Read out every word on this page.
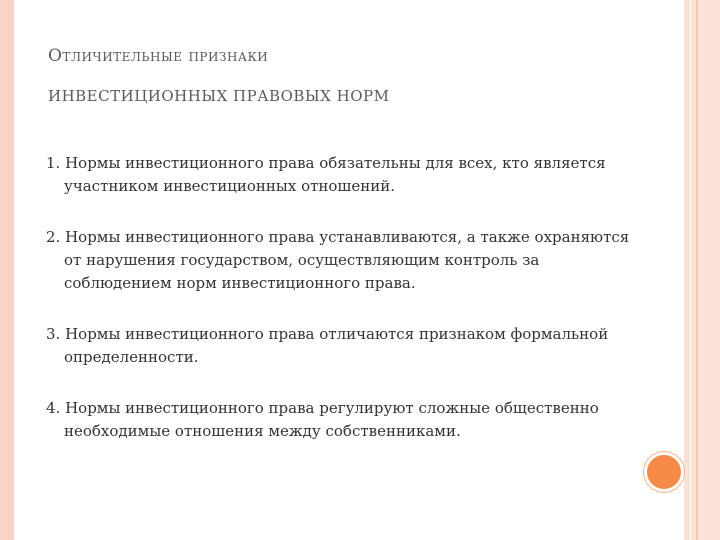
Отличительные признаки
ИНВЕСТИЦИОННЫХ ПРАВОВЫХ НОРМ

1. Нормы инвестиционного права обязательны для всех, кто является участником инвестиционных отношений.

2. Нормы инвестиционного права устанавливаются, а также охраняются от нарушения государством, осуществляющим контроль за соблюдением норм инвестиционного права.

3. Нормы инвестиционного права отличаются признаком формальной определенности.

4. Нормы инвестиционного права регулируют сложные общественно необходимые отношения между собственниками.
